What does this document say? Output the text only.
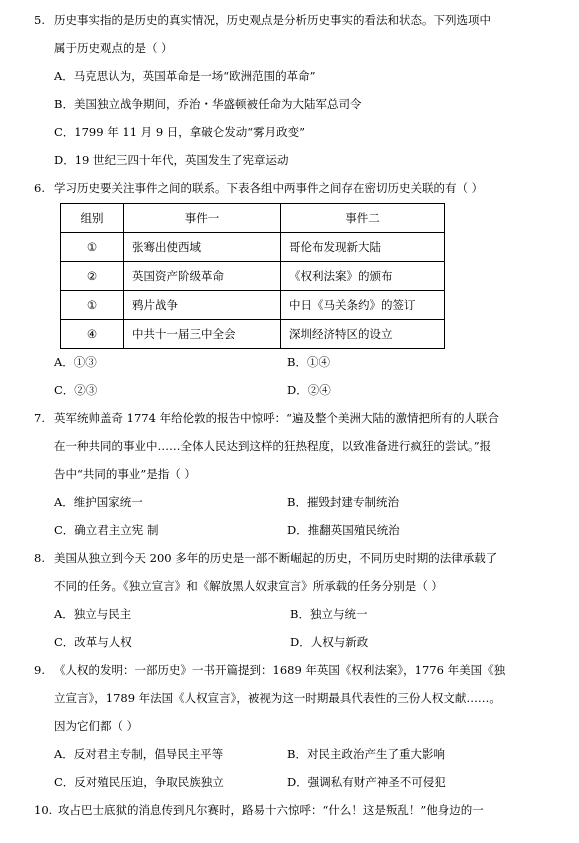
5. 历史事实指的是历史的真实情况，历史观点是分析历史事实的看法和状态。下列选项中
属于历史观点的是（ ）
A．马克思认为，英国革命是一场“欧洲范围的革命”
B．美国独立战争期间，乔治・华盛顿被任命为大陆军总司令
C．1799 年 11 月 9 日，拿破仑发动“雾月政变”
D．19 世纪三四十年代，英国发生了宪章运动
6. 学习历史要关注事件之间的联系。下表各组中两事件之间存在密切历史关联的有（ ）
组别	事件一	事件二
①	张骞出使西域	哥伦布发现新大陆
②	英国资产阶级革命	《权利法案》的颁布
①	鸦片战争	中日《马关条约》的签订
④	中共十一届三中全会	深圳经济特区的设立
A．①③	B．①④
C．②③	D．②④
7. 英军统帅盖奇 1774 年给伦敦的报告中惊呼：“遍及整个美洲大陆的激情把所有的人联合
在一种共同的事业中……全体人民达到这样的狂热程度，以致准备进行疯狂的尝试。”报
告中“共同的事业”是指（ ）
A．维护国家统一	B．摧毁封建专制统治
C．确立君主立宪 制	D．推翻英国殖民统治
8. 美国从独立到今天 200 多年的历史是一部不断崛起的历史，不同历史时期的法律承载了
不同的任务。《独立宣言》和《解放黑人奴隶宣言》所承载的任务分别是（ ）
A．独立与民主	B．独立与统一
C．改革与人权	D．人权与新政
9. 《人权的发明：一部历史》一书开篇提到：1689 年英国《权利法案》，1776 年美国《独
立宣言》，1789 年法国《人权宣言》，被视为这一时期最具代表性的三份人权文献……。
因为它们都（ ）
A．反对君主专制，倡导民主平等	B．对民主政治产生了重大影响
C．反对殖民压迫，争取民族独立	D．强调私有财产神圣不可侵犯
10. 攻占巴士底狱的消息传到凡尔赛时，路易十六惊呼：“什么！这是叛乱！”他身边的一
